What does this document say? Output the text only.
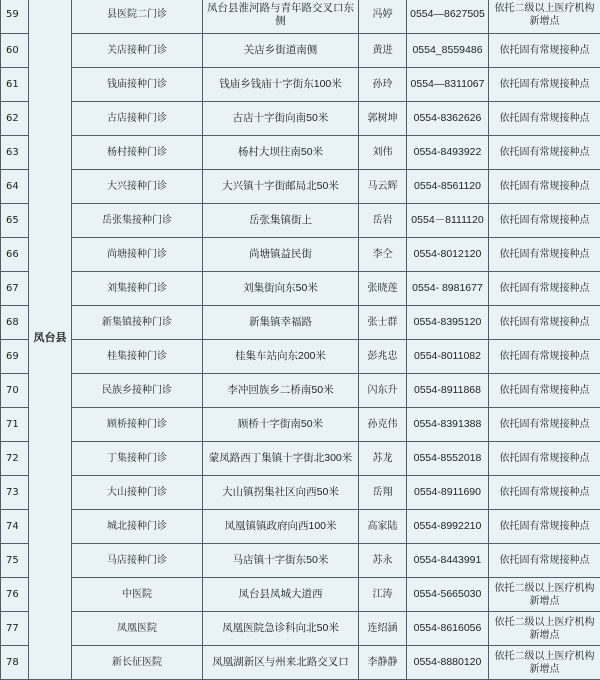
59	凤台县	县医院二门诊	凤台县淮河路与青年路交叉口东侧	冯婷	0554—8627505	依托二级以上医疗机构新增点
60		关店接种门诊	关店乡街道南侧	黄进	0554_8559486	依托固有常规接种点
61		钱庙接种门诊	钱庙乡钱庙十字街东100米	孙玲	0554—8311067	依托固有常规接种点
62		古店接种门诊	古店十字街向南50米	郭树坤	0554-8362626	依托固有常规接种点
63		杨村接种门诊	杨村大坝往南50米	刘伟	0554-8493922	依托固有常规接种点
64		大兴接种门诊	大兴镇十字街邮局北50米	马云辉	0554-8561120	依托固有常规接种点
65		岳张集接种门诊	岳张集镇街上	岳岩	0554－8111120	依托固有常规接种点
66		尚塘接种门诊	尚塘镇益民街	李仝	0554-8012120	依托固有常规接种点
67		刘集接种门诊	刘集街向东50米	张晓莲	0554- 8981677	依托固有常规接种点
68		新集镇接种门诊	新集镇幸福路	张士群	0554-8395120	依托固有常规接种点
69		桂集接种门诊	桂集车站向东200米	彭兆忠	0554-8011082	依托固有常规接种点
70		民族乡接种门诊	李冲回族乡二桥南50米	闪东升	0554-8911868	依托固有常规接种点
71		顾桥接种门诊	顾桥十字街南50米	孙克伟	0554-8391388	依托固有常规接种点
72		丁集接种门诊	蒙凤路西丁集镇十字街北300米	苏龙	0554-8552018	依托固有常规接种点
73		大山接种门诊	大山镇拐集社区向西50米	岳翔	0554-8911690	依托固有常规接种点
74		城北接种门诊	凤凰镇镇政府向西100米	高家陆	0554-8992210	依托固有常规接种点
75		马店接种门诊	马店镇十字街东50米	苏永	0554-8443991	依托固有常规接种点
76		中医院	凤台县凤城大道西	江涛	0554-5665030	依托二级以上医疗机构新增点
77		凤凰医院	凤凰医院急诊科向北50米	连绍涵	0554-8616056	依托二级以上医疗机构新增点
78		新长征医院	凤凰湖新区与州来北路交叉口	李静静	0554-8880120	依托二级以上医疗机构新增点
